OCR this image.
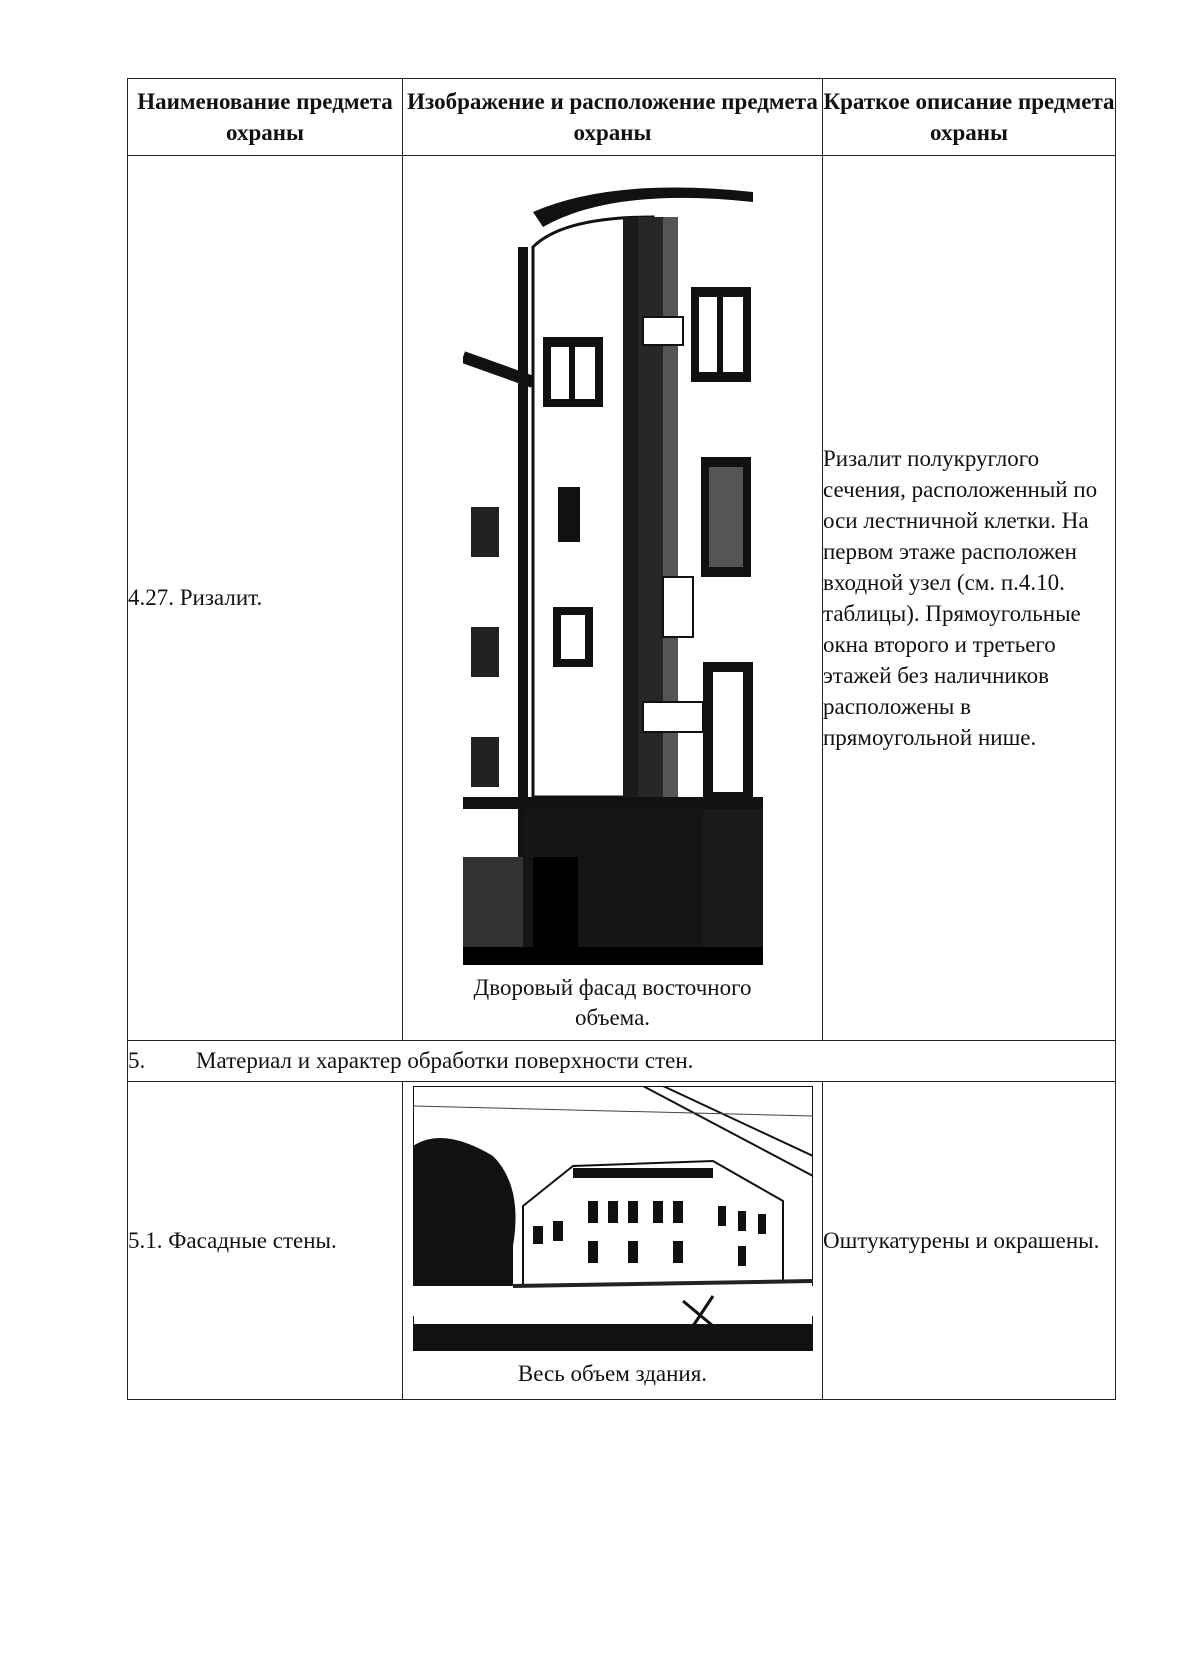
Наименование предмета охраны	Изображение и расположение предмета охраны	Краткое описание предмета охраны
4.27. Ризалит.	Дворовый фасад восточного объема.	Ризалит полукруглого сечения, расположенный по оси лестничной клетки. На первом этаже расположен входной узел (см. п.4.10. таблицы). Прямоугольные окна второго и третьего этажей без наличников расположены в прямоугольной нише.
5. Материал и характер обработки поверхности стен.		
5.1. Фасадные стены.	Весь объем здания.	Оштукатурены и окрашены.
